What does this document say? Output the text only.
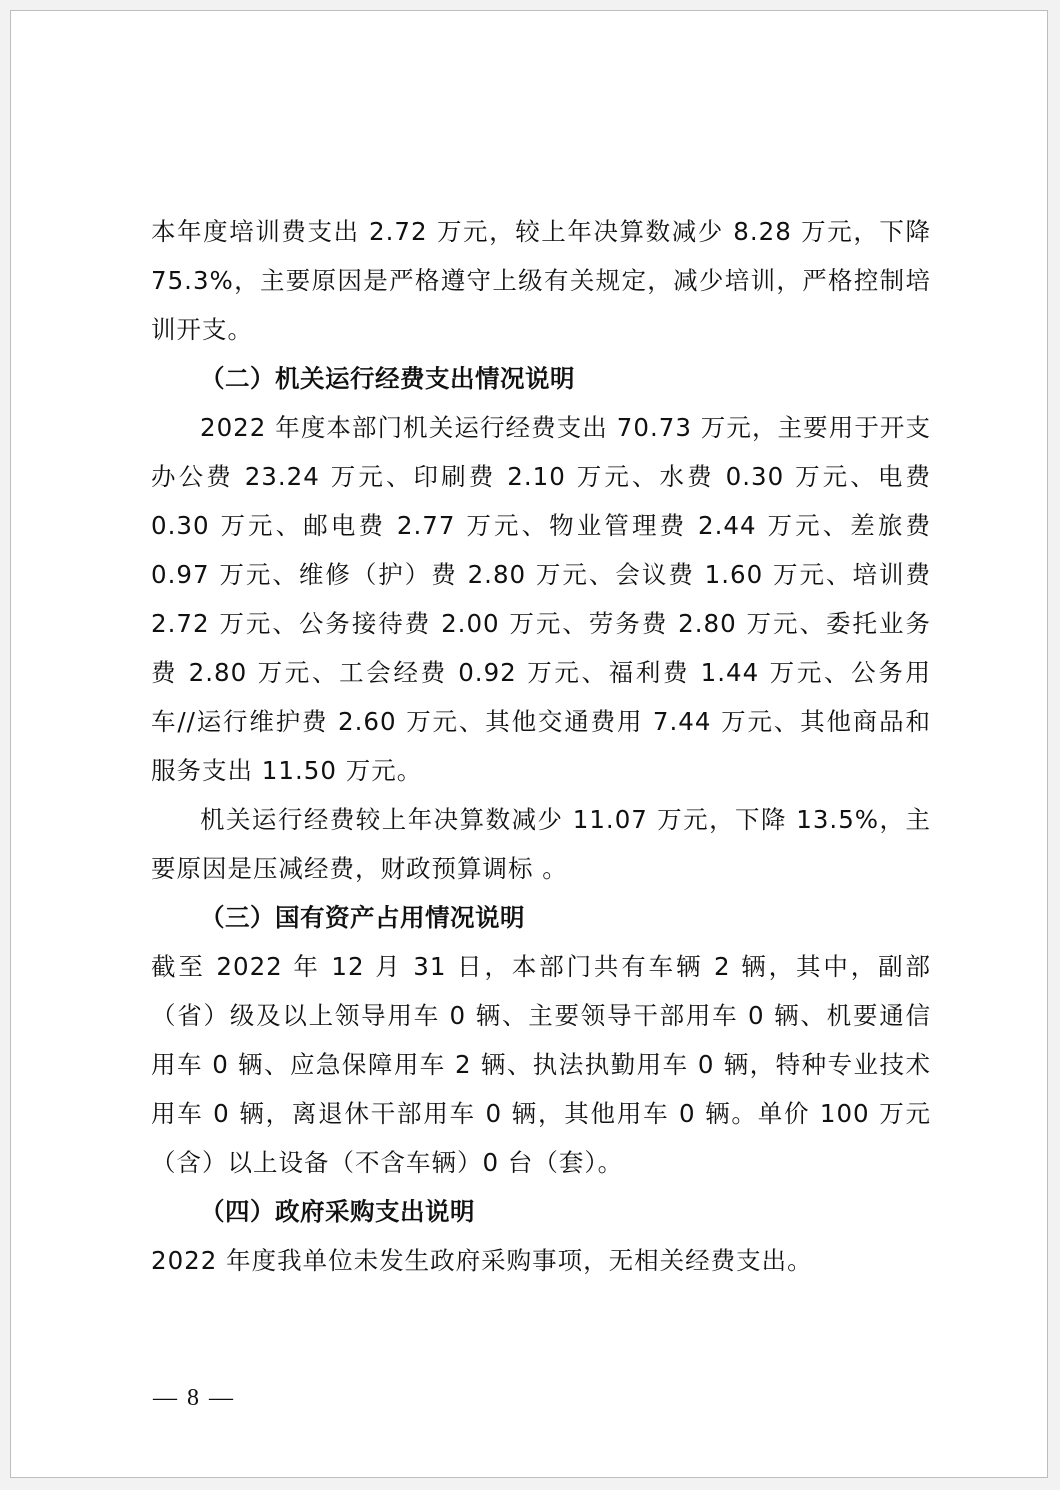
本年度培训费支出 2.72 万元，较上年决算数减少 8.28 万元，下降 75.3%，主要原因是严格遵守上级有关规定，减少培训，严格控制培训开支。

（二）机关运行经费支出情况说明

2022 年度本部门机关运行经费支出 70.73 万元，主要用于开支办公费 23.24 万元、印刷费 2.10 万元、水费 0.30 万元、电费 0.30 万元、邮电费 2.77 万元、物业管理费 2.44 万元、差旅费 0.97 万元、维修（护）费 2.80 万元、会议费 1.60 万元、培训费 2.72 万元、公务接待费 2.00 万元、劳务费 2.80 万元、委托业务费 2.80 万元、工会经费 0.92 万元、福利费 1.44 万元、公务用车//运行维护费 2.60 万元、其他交通费用 7.44 万元、其他商品和服务支出 11.50 万元。

机关运行经费较上年决算数减少 11.07 万元，下降 13.5%，主要原因是压减经费，财政预算调标 。

（三）国有资产占用情况说明

截至 2022 年 12 月 31 日，本部门共有车辆 2 辆，其中，副部（省）级及以上领导用车 0 辆、主要领导干部用车 0 辆、机要通信用车 0 辆、应急保障用车 2 辆、执法执勤用车 0 辆，特种专业技术用车 0 辆，离退休干部用车 0 辆，其他用车 0 辆。单价 100 万元（含）以上设备（不含车辆）0 台（套）。

（四）政府采购支出说明

2022 年度我单位未发生政府采购事项，无相关经费支出。

— 8 —
